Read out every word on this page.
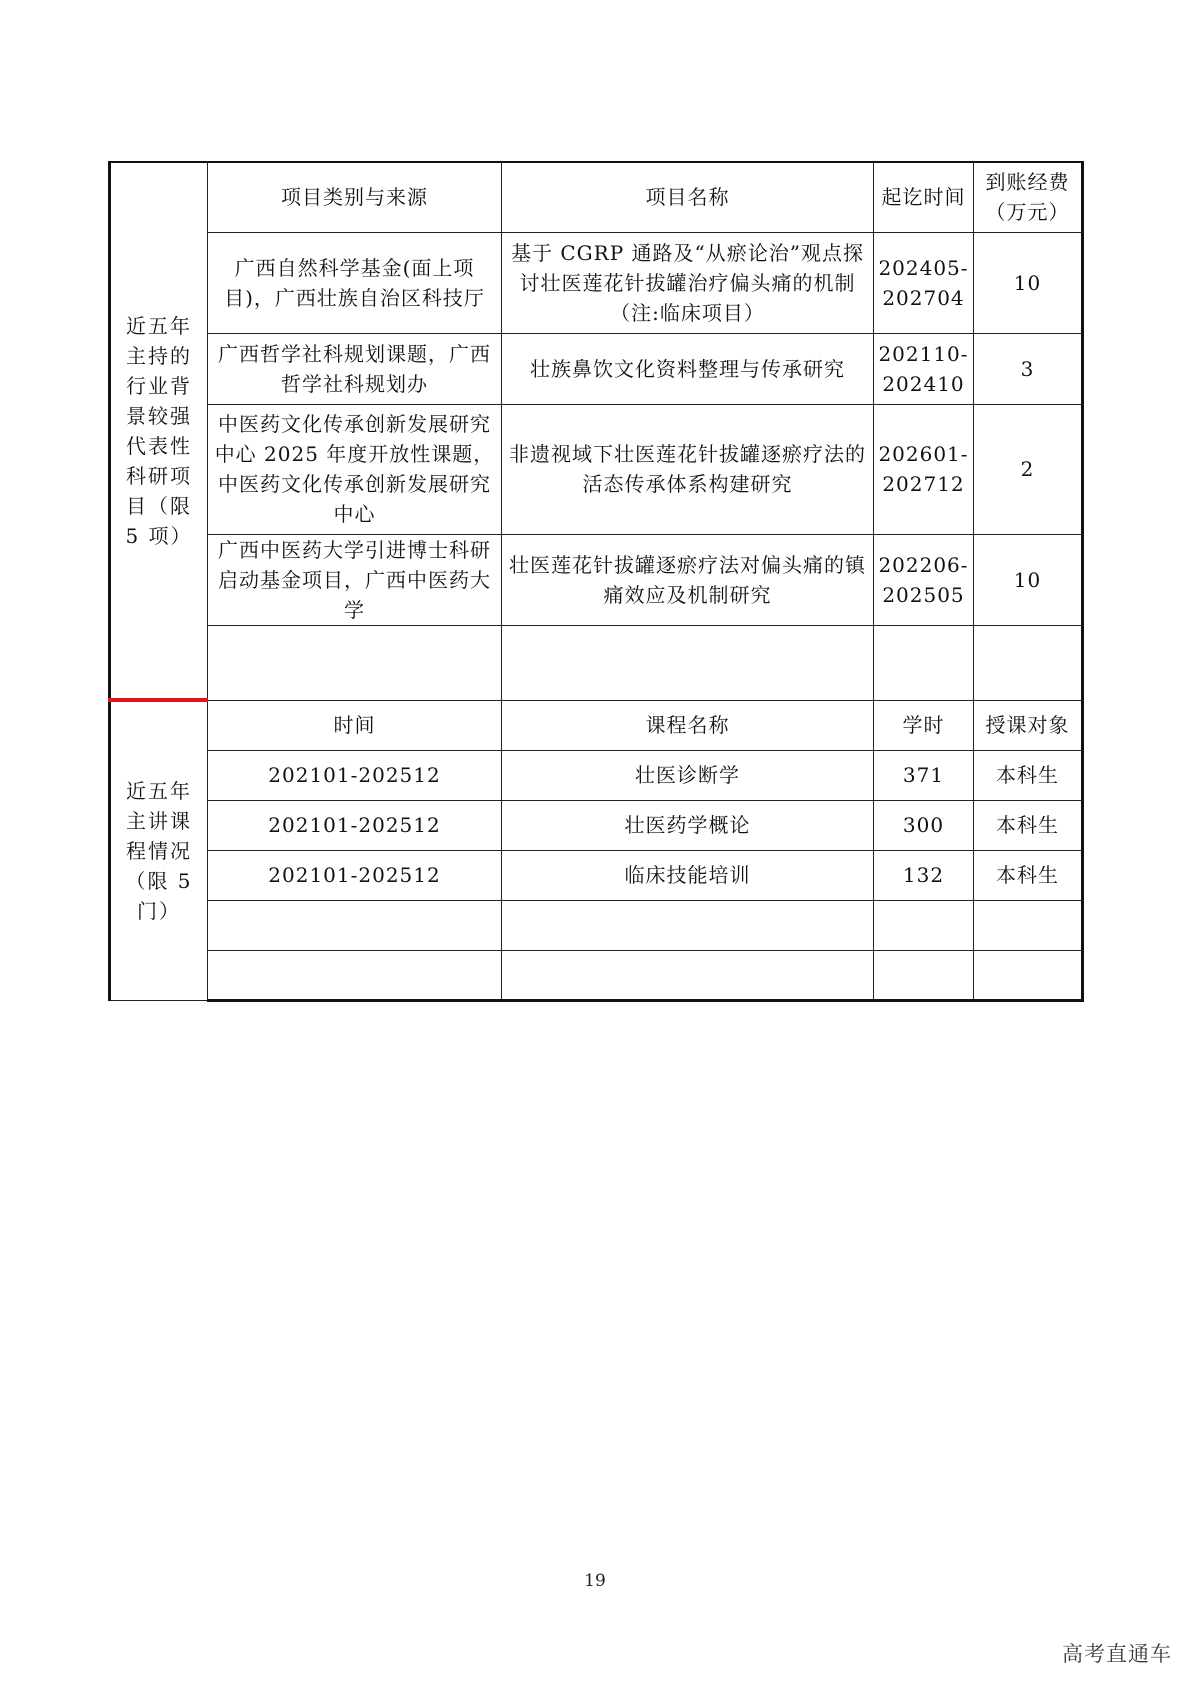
近五年主持的行业背景较强代表性科研项目（限 5 项）	项目类别与来源	项目名称	起讫时间	到账经费（万元）
	广西自然科学基金(面上项目)，广西壮族自治区科技厅	基于 CGRP 通路及“从瘀论治”观点探讨壮医莲花针拔罐治疗偏头痛的机制（注:临床项目）	202405-202704	10
	广西哲学社科规划课题，广西哲学社科规划办	壮族鼻饮文化资料整理与传承研究	202110-202410	3
	中医药文化传承创新发展研究中心 2025 年度开放性课题，中医药文化传承创新发展研究中心	非遗视域下壮医莲花针拔罐逐瘀疗法的活态传承体系构建研究	202601-202712	2
	广西中医药大学引进博士科研启动基金项目，广西中医药大学	壮医莲花针拔罐逐瘀疗法对偏头痛的镇痛效应及机制研究	202206-202505	10

近五年主讲课程情况（限 5 门）	时间	课程名称	学时	授课对象
	202101-202512	壮医诊断学	371	本科生
	202101-202512	壮医药学概论	300	本科生
	202101-202512	临床技能培训	132	本科生

19
高考直通车
